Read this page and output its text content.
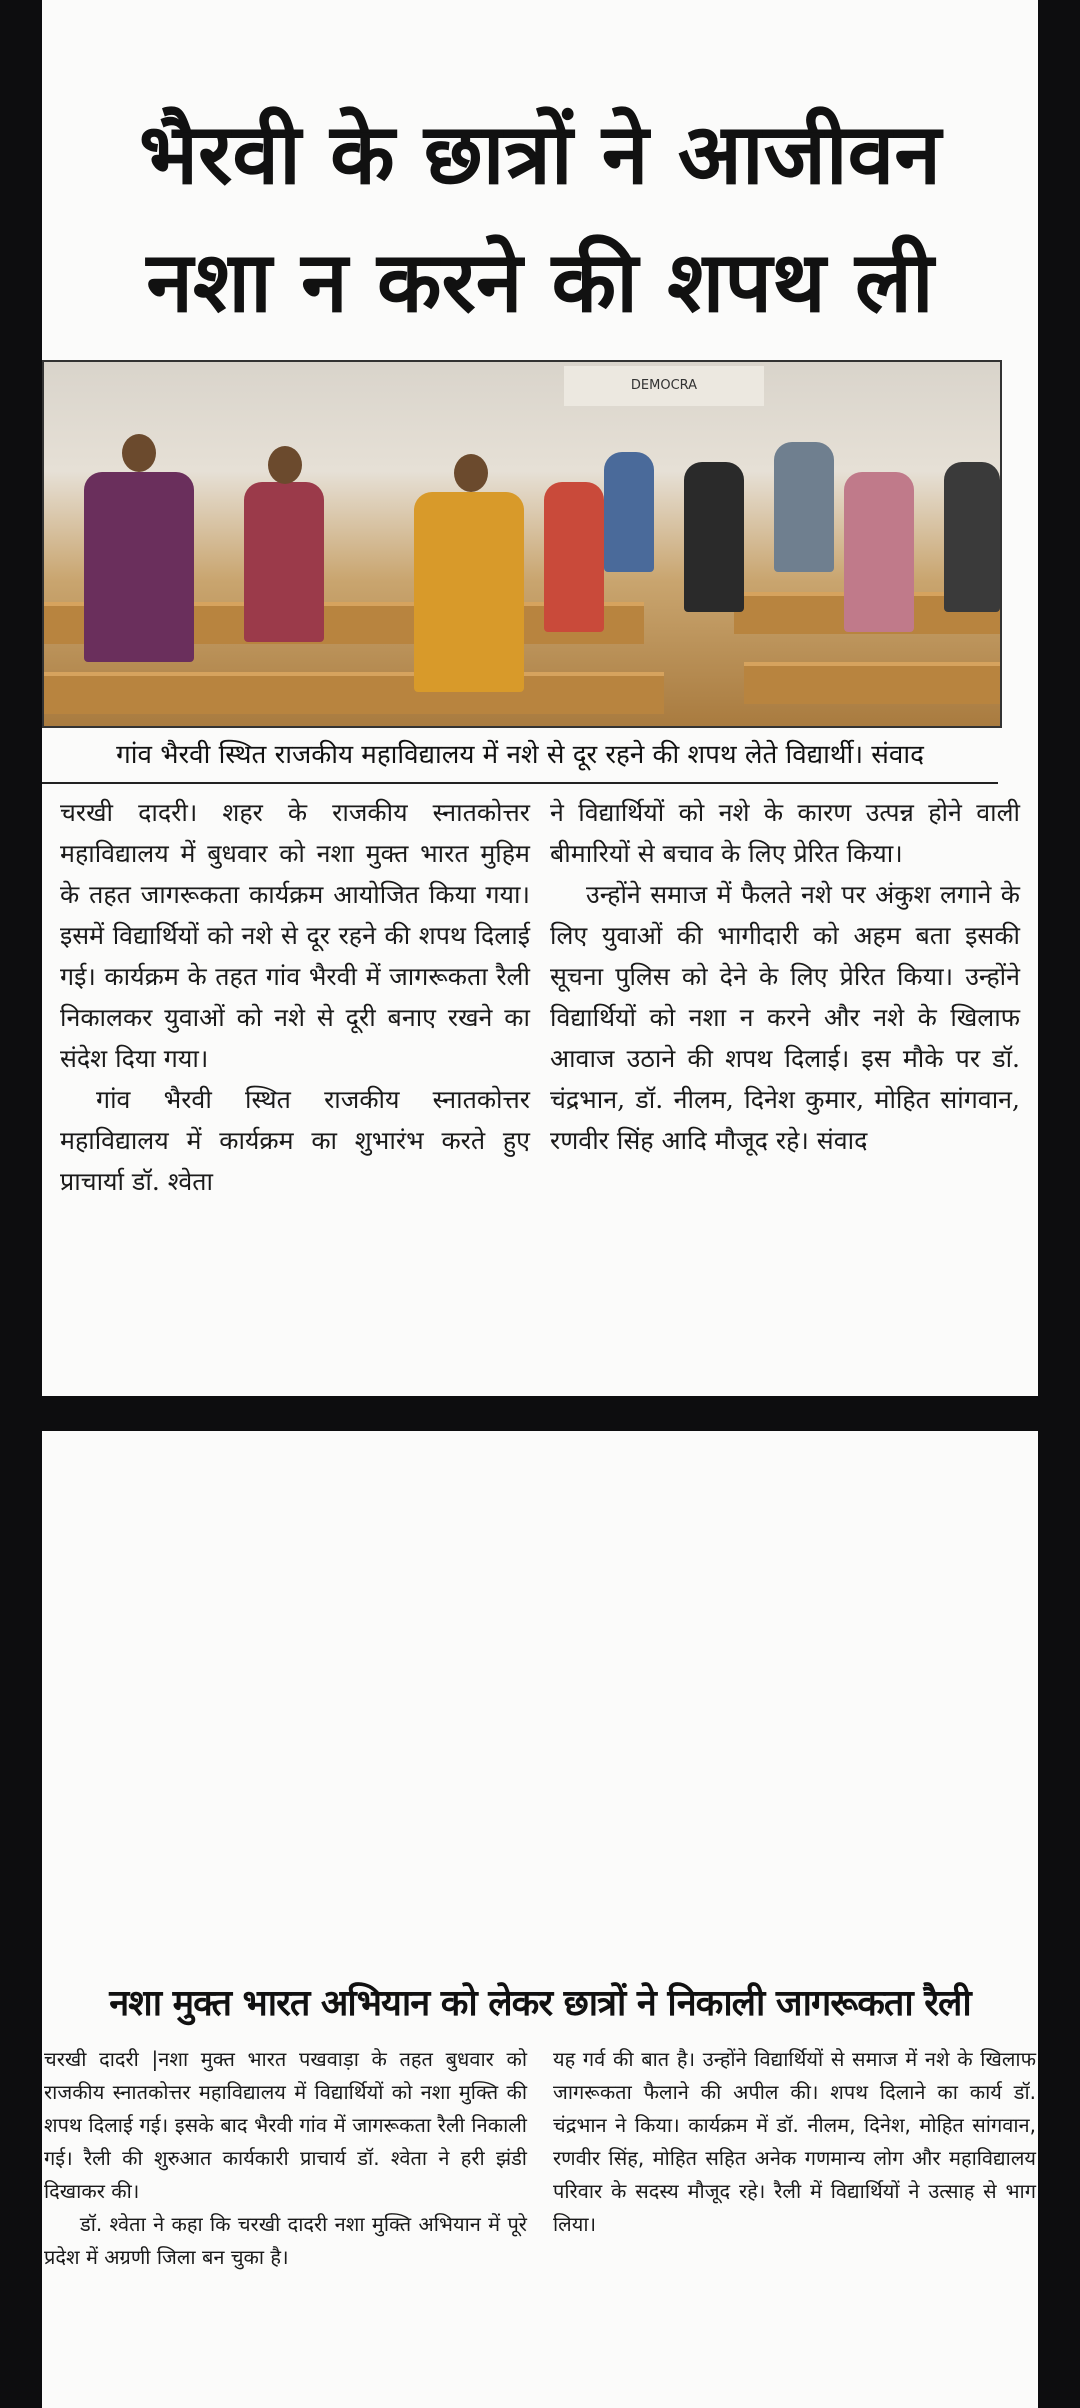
भैरवी के छात्रों ने आजीवन
नशा न करने की शपथ ली
DEMOCRA
गांव भैरवी स्थित राजकीय महाविद्यालय में नशे से दूर रहने की शपथ लेते विद्यार्थी। संवाद

चरखी दादरी। शहर के राजकीय स्नातकोत्तर महाविद्यालय में बुधवार को नशा मुक्त भारत मुहिम के तहत जागरूकता कार्यक्रम आयोजित किया गया। इसमें विद्यार्थियों को नशे से दूर रहने की शपथ दिलाई गई। कार्यक्रम के तहत गांव भैरवी में जागरूकता रैली निकालकर युवाओं को नशे से दूरी बनाए रखने का संदेश दिया गया।

गांव भैरवी स्थित राजकीय स्नातकोत्तर महाविद्यालय में कार्यक्रम का शुभारंभ करते हुए प्राचार्या डॉ. श्वेता

ने विद्यार्थियों को नशे के कारण उत्पन्न होने वाली बीमारियों से बचाव के लिए प्रेरित किया।

उन्होंने समाज में फैलते नशे पर अंकुश लगाने के लिए युवाओं की भागीदारी को अहम बता इसकी सूचना पुलिस को देने के लिए प्रेरित किया। उन्होंने विद्यार्थियों को नशा न करने और नशे के खिलाफ आवाज उठाने की शपथ दिलाई। इस मौके पर डॉ. चंद्रभान, डॉ. नीलम, दिनेश कुमार, मोहित सांगवान, रणवीर सिंह आदि मौजूद रहे। संवाद

नशा मुक्त भारत अभियान को लेकर छात्रों ने निकाली जागरूकता रैली

चरखी दादरी |नशा मुक्त भारत पखवाड़ा के तहत बुधवार को राजकीय स्नातकोत्तर महाविद्यालय में विद्यार्थियों को नशा मुक्ति की शपथ दिलाई गई। इसके बाद भैरवी गांव में जागरूकता रैली निकाली गई। रैली की शुरुआत कार्यकारी प्राचार्य डॉ. श्वेता ने हरी झंडी दिखाकर की।

डॉ. श्वेता ने कहा कि चरखी दादरी नशा मुक्ति अभियान में पूरे प्रदेश में अग्रणी जिला बन चुका है।

यह गर्व की बात है। उन्होंने विद्यार्थियों से समाज में नशे के खिलाफ जागरूकता फैलाने की अपील की। शपथ दिलाने का कार्य डॉ. चंद्रभान ने किया। कार्यक्रम में डॉ. नीलम, दिनेश, मोहित सांगवान, रणवीर सिंह, मोहित सहित अनेक गणमान्य लोग और महाविद्यालय परिवार के सदस्य मौजूद रहे। रैली में विद्यार्थियों ने उत्साह से भाग लिया।
